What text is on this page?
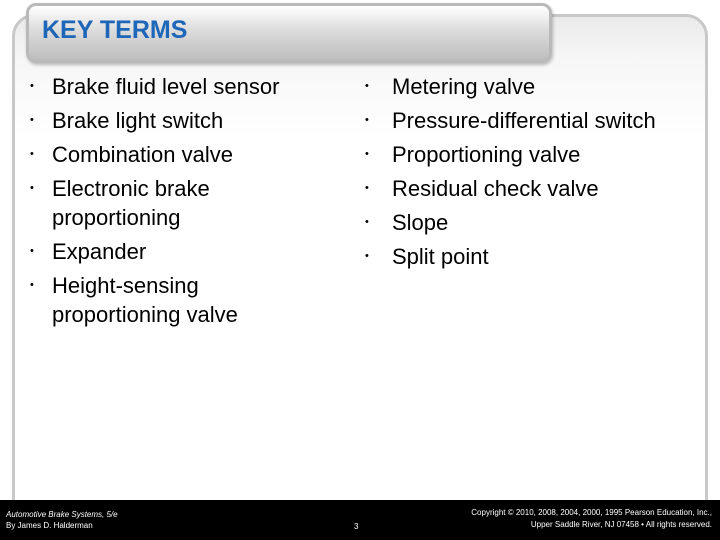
KEY TERMS
• Brake fluid level sensor
• Brake light switch
• Combination valve
• Electronic brake proportioning
• Expander
• Height-sensing proportioning valve
• Metering valve
• Pressure-differential switch
• Proportioning valve
• Residual check valve
• Slope
• Split point
Automotive Brake Systems, 5/e
By James D. Halderman	3
Copyright © 2010, 2008, 2004, 2000, 1995 Pearson Education, Inc.,
Upper Saddle River, NJ 07458 • All rights reserved.
